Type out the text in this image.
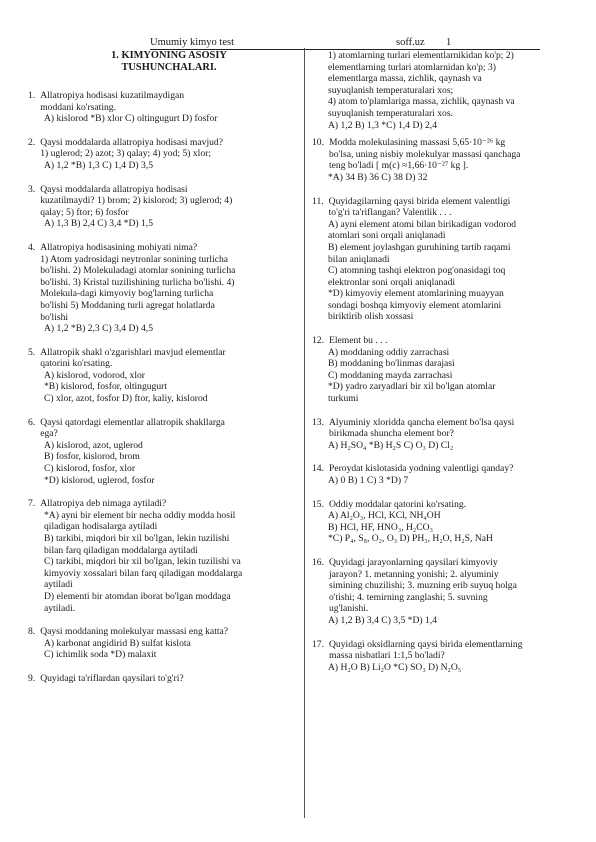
Umumiy kimyo test	soff.uz 1
1. KIMYONING ASOSIY
TUSHUNCHALARI.
1. Allatropiya hodisasi kuzatilmaydigan
moddani ko'rsating.
A) kislorod *B) xlor C) oltingugurt D) fosfor
2. Qaysi moddalarda allatropiya hodisasi mavjud?
1) uglerod; 2) azot; 3) qalay; 4) yod; 5) xlor;
A) 1,2 *B) 1,3 C) 1,4 D) 3,5
3. Qaysi moddalarda allatropiya hodisasi
kuzatilmaydi? 1) brom; 2) kislorod; 3) uglerod; 4)
qalay; 5) ftor; 6) fosfor
A) 1,3 B) 2,4 C) 3,4 *D) 1,5
4. Allatropiya hodisasining mohiyati nima?
1) Atom yadrosidagi neytronlar sonining turlicha
bo'lishi. 2) Molekuladagi atomlar sonining turlicha
bo'lishi. 3) Kristal tuzilishining turlicha bo'lishi. 4)
Molekula-dagi kimyoviy bog'larning turlicha
bo'lishi 5) Moddaning turli agregat holatlarda
bo'lishi
A) 1,2 *B) 2,3 C) 3,4 D) 4,5
5. Allatropik shakl o'zgarishlari mavjud elementlar
qatorini ko'rsating.
A) kislorod, vodorod, xlor
*B) kislorod, fosfor, oltingugurt
C) xlor, azot, fosfor D) ftor, kaliy, kislorod
6. Qaysi qatordagi elementlar allatropik shakllarga
ega?
A) kislorod, azot, uglerod
B) fosfor, kislorod, brom
C) kislorod, fosfor, xlor
*D) kislorod, uglerod, fosfor
7. Allatropiya deb nimaga aytiladi?
*A) ayni bir element bir necha oddiy modda hosil
qiladigan hodisalarga aytiladi
B) tarkibi, miqdori bir xil bo'lgan, lekin tuzilishi
bilan farq qiladigan moddalarga aytiladi
C) tarkibi, miqdori bir xil bo'lgan, lekin tuzilishi va
kimyoviy xossalari bilan farq qiladigan moddalarga
aytiladi
D) elementi bir atomdan iborat bo'lgan moddaga
aytiladi.
8. Qaysi moddaning molekulyar massasi eng katta?
A) karbonat angidirid B) sulfat kislota
C) ichimlik soda *D) malaxit
9. Quyidagi ta'riflardan qaysilari to'g'ri?
1) atomlarning turlari elementlarnikidan ko'p; 2)
elementlarning turlari atomlarnidan ko'p; 3)
elementlarga massa, zichlik, qaynash va
suyuqlanish temperaturalari xos;
4) atom to'plamlariga massa, zichlik, qaynash va
suyuqlanish temperaturalari xos.
A) 1,2 B) 1,3 *C) 1,4 D) 2,4
10. Modda molekulasining massasi 5,65·10⁻²⁶ kg
bo'lsa, uning nisbiy molekulyar massasi qanchaga
teng bo'ladi [ m(c) ≈1,66·10⁻²⁷ kg ].
*A) 34 B) 36 C) 38 D) 32
11. Quyidagilarning qaysi birida element valentligi
to'g'ri ta'riflangan? Valentlik . . .
A) ayni element atomi bilan birikadigan vodorod
atomlari soni orqali aniqlanadi
B) element joylashgan guruhining tartib raqami
bilan aniqlanadi
C) atomning tashqi elektron pog'onasidagi toq
elektronlar soni orqali aniqlanadi
*D) kimyoviy element atomlarining muayyan
sondagi boshqa kimyoviy element atomlarini
biriktirib olish xossasi
12. Element bu . . .
A) moddaning oddiy zarrachasi
B) moddaning bo'linmas darajasi
C) moddaning mayda zarrachasi
*D) yadro zaryadlari bir xil bo'lgan atomlar
turkumi
13. Alyuminiy xloridda qancha element bo'lsa qaysi
birikmada shuncha element bor?
A) H₂SO₄ *B) H₂S C) O₃ D) Cl₂
14. Peroydat kislotasida yodning valentligi qanday?
A) 0 B) 1 C) 3 *D) 7
15. Oddiy moddalar qatorini ko'rsating.
A) Al₂O₃, HCl, KCl, NH₄OH
B) HCl, HF, HNO₃, H₂CO₃
*C) P₄, S₈, O₂, O₃ D) PH₃, H₂O, H₂S, NaH
16. Quyidagi jarayonlarning qaysilari kimyoviy
jarayon? 1. metanning yonishi; 2. alyuminiy
simining chuzilishi; 3. muzning erib suyuq holga
o'tishi; 4. temirning zanglashi; 5. suvning
ug'lanishi.
A) 1,2 B) 3,4 C) 3,5 *D) 1,4
17. Quyidagi oksidlarning qaysi birida elementlarning
massa nisbatlari 1:1,5 bo'ladi?
A) H₂O B) Li₂O *C) SO₃ D) N₂O₅
